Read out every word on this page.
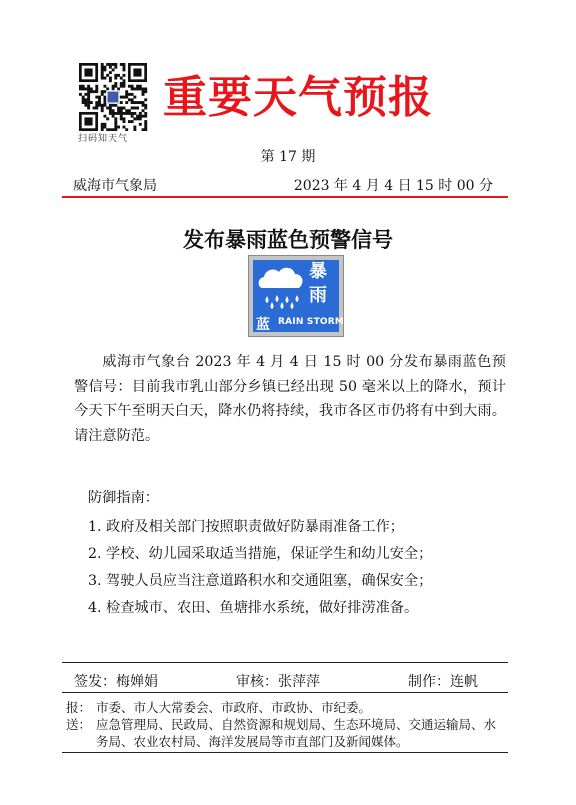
扫码知天气
重要天气预报
第 17 期
威海市气象局	2023 年 4 月 4 日 15 时 00 分
发布暴雨蓝色预警信号
暴
雨
蓝 RAIN STORM

威海市气象台 2023 年 4 月 4 日 15 时 00 分发布暴雨蓝色预警信号：目前我市乳山部分乡镇已经出现 50 毫米以上的降水，预计今天下午至明天白天，降水仍将持续，我市各区市仍将有中到大雨。请注意防范。

防御指南：
1. 政府及相关部门按照职责做好防暴雨准备工作；
2. 学校、幼儿园采取适当措施，保证学生和幼儿安全；
3. 驾驶人员应当注意道路积水和交通阻塞，确保安全；
4. 检查城市、农田、鱼塘排水系统，做好排涝准备。
签发：梅婵娟	审核：张萍萍	制作：连帆
报： 市委、市人大常委会、市政府、市政协、市纪委。
送： 应急管理局、民政局、自然资源和规划局、生态环境局、交通运输局、水务局、农业农村局、海洋发展局等市直部门及新闻媒体。
